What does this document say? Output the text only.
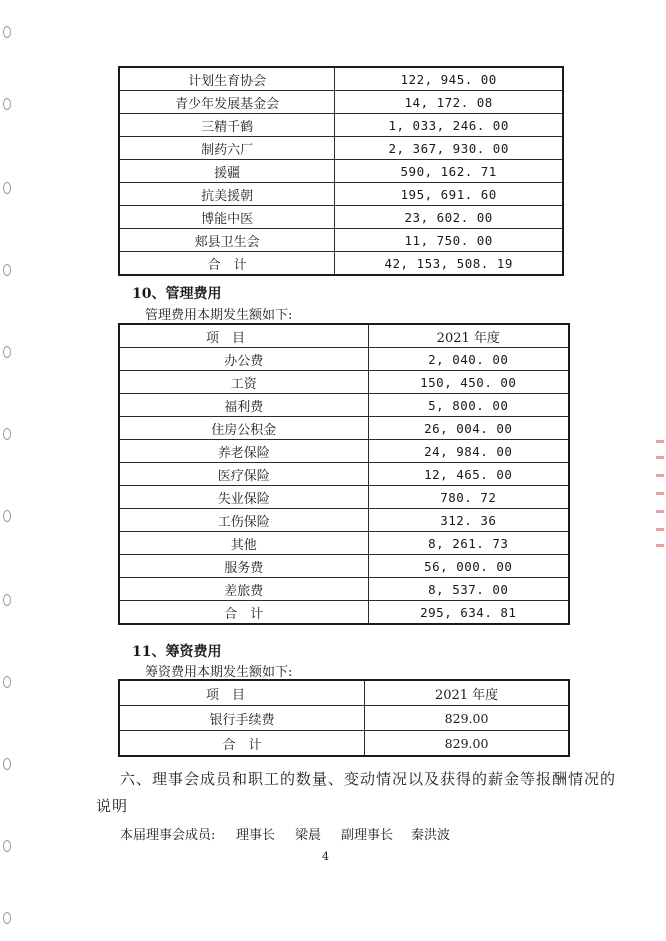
计划生育协会	122, 945. 00
青少年发展基金会	14, 172. 08
三精千鹤	1, 033, 246. 00
制药六厂	2, 367, 930. 00
援疆	590, 162. 71
抗美援朝	195, 691. 60
博能中医	23, 602. 00
郏县卫生会	11, 750. 00
合　计	42, 153, 508. 19
10、管理费用
管理费用本期发生额如下:
项　目	2021 年度
办公费	2, 040. 00
工资	150, 450. 00
福利费	5, 800. 00
住房公积金	26, 004. 00
养老保险	24, 984. 00
医疗保险	12, 465. 00
失业保险	780. 72
工伤保险	312. 36
其他	8, 261. 73
服务费	56, 000. 00
差旅费	8, 537. 00
合　计	295, 634. 81
11、筹资费用
筹资费用本期发生额如下:
项　目	2021 年度
银行手续费	829.00
合　计	829.00
六、理事会成员和职工的数量、变动情况以及获得的薪金等报酬情况的
说明
本届理事会成员: 理事长 梁晨 副理事长 秦洪波
4
